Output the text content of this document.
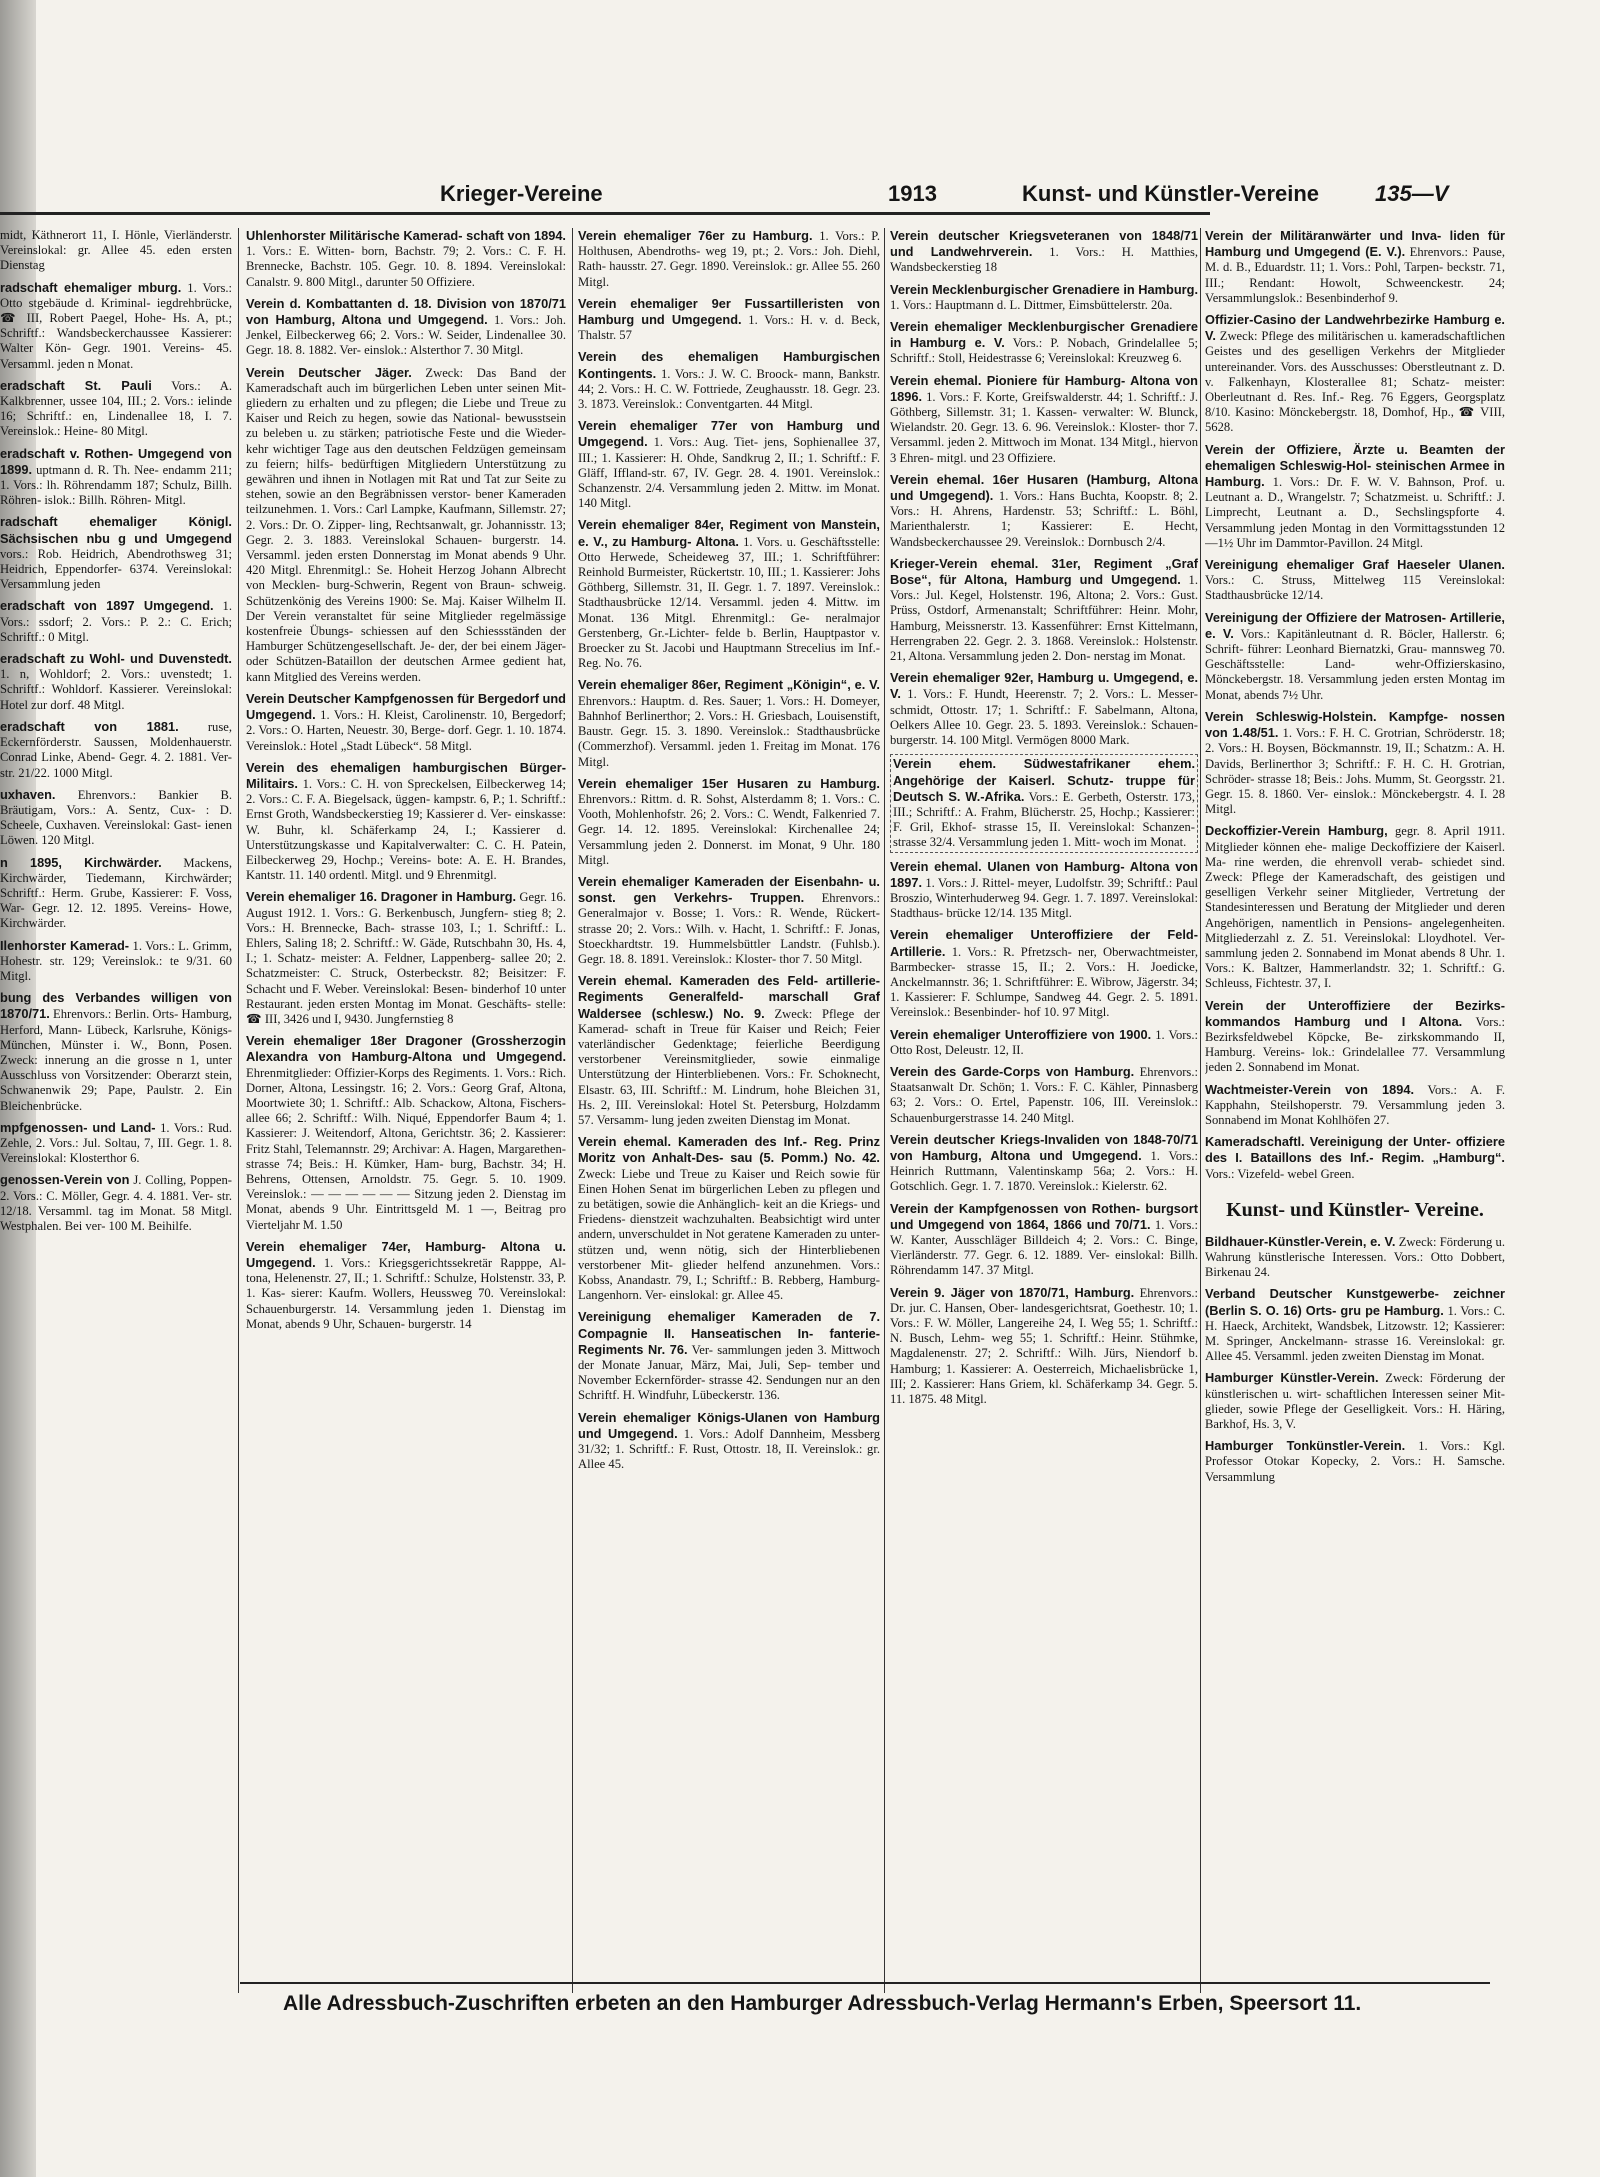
Krieger-Vereine	1913	Kunst- und Künstler-Vereine	135—V

midt, Käthnerort 11, I. Hönle, Vierländerstr. Vereinslokal: gr. Allee 45. eden ersten Dienstag

radschaft ehemaliger mburg. 1. Vors.: Otto stgebäude d. Kriminal- iegdrehbrücke, ☎ III, Robert Paegel, Hohe- Hs. A, pt.; Schriftf.: Wandsbeckerchaussee Kassierer: Walter Kön- Gegr. 1901. Vereins- 45. Versamml. jeden n Monat.

eradschaft St. Pauli Vors.: A. Kalkbrenner, ussee 104, III.; 2. Vors.: ielinde 16; Schriftf.: en, Lindenallee 18, I. 7. Vereinslok.: Heine- 80 Mitgl.

eradschaft v. Rothen- Umgegend von 1899. uptmann d. R. Th. Nee- endamm 211; 1. Vors.: lh. Röhrendamm 187; Schulz, Billh. Röhren- islok.: Billh. Röhren- Mitgl.

radschaft ehemaliger Königl. Sächsischen nbu g und Umgegend vors.: Rob. Heidrich, Abendrothsweg 31; Heidrich, Eppendorfer- 6374. Vereinslokal: Versammlung jeden

eradschaft von 1897 Umgegend. 1. Vors.: ssdorf; 2. Vors.: P. 2.: C. Erich; Schriftf.: 0 Mitgl.

eradschaft zu Wohl- und Duvenstedt. 1. n, Wohldorf; 2. Vors.: uvenstedt; 1. Schriftf.: Wohldorf. Kassierer. Vereinslokal: Hotel zur dorf. 48 Mitgl.

eradschaft von 1881. ruse, Eckernförderstr. Saussen, Moldenhauerstr. Conrad Linke, Abend- Gegr. 4. 2. 1881. Ver- str. 21/22. 1000 Mitgl.

uxhaven. Ehrenvors.: Bankier B. Bräutigam, Vors.: A. Sentz, Cux- : D. Scheele, Cuxhaven. Vereinslokal: Gast- ienen Löwen. 120 Mitgl.

n 1895, Kirchwärder. Mackens, Kirchwärder, Tiedemann, Kirchwärder; Schriftf.: Herm. Grube, Kassierer: F. Voss, War- Gegr. 12. 12. 1895. Vereins- Howe, Kirchwärder.

Ilenhorster Kamerad- 1. Vors.: L. Grimm, Hohestr. str. 129; Vereinslok.: te 9/31. 60 Mitgl.

bung des Verbandes willigen von 1870/71. Ehrenvors.: Berlin. Orts- Hamburg, Herford, Mann- Lübeck, Karlsruhe, Königs- München, Münster i. W., Bonn, Posen. Zweck: innerung an die grosse n 1, unter Ausschluss von Vorsitzender: Oberarzt stein, Schwanenwik 29; Pape, Paulstr. 2. Ein Bleichenbrücke.

mpfgenossen- und Land- 1. Vors.: Rud. Zehle, 2. Vors.: Jul. Soltau, 7, III. Gegr. 1. 8. Vereinslokal: Klosterthor 6.

genossen-Verein von J. Colling, Poppen- 2. Vors.: C. Möller, Gegr. 4. 4. 1881. Ver- str. 12/18. Versamml. tag im Monat. 58 Mitgl. Westphalen. Bei ver- 100 M. Beihilfe.

Uhlenhorster Militärische Kamerad- schaft von 1894. 1. Vors.: E. Witten- born, Bachstr. 79; 2. Vors.: C. F. H. Brennecke, Bachstr. 105. Gegr. 10. 8. 1894. Vereinslokal: Canalstr. 9. 800 Mitgl., darunter 50 Offiziere.

Verein d. Kombattanten d. 18. Division von 1870/71 von Hamburg, Altona und Umgegend. 1. Vors.: Joh. Jenkel, Eilbeckerweg 66; 2. Vors.: W. Seider, Lindenallee 30. Gegr. 18. 8. 1882. Ver- einslok.: Alsterthor 7. 30 Mitgl.

Verein Deutscher Jäger. Zweck: Das Band der Kameradschaft auch im bürgerlichen Leben unter seinen Mit- gliedern zu erhalten und zu pflegen; die Liebe und Treue zu Kaiser und Reich zu hegen, sowie das National- bewusstsein zu beleben u. zu stärken; patriotische Feste und die Wieder- kehr wichtiger Tage aus den deutschen Feldzügen gemeinsam zu feiern; hilfs- bedürftigen Mitgliedern Unterstützung zu gewähren und ihnen in Notlagen mit Rat und Tat zur Seite zu stehen, sowie an den Begräbnissen verstor- bener Kameraden teilzunehmen. 1. Vors.: Carl Lampke, Kaufmann, Sillemstr. 27; 2. Vors.: Dr. O. Zipper- ling, Rechtsanwalt, gr. Johannisstr. 13; Gegr. 2. 3. 1883. Vereinslokal Schauen- burgerstr. 14. Versamml. jeden ersten Donnerstag im Monat abends 9 Uhr. 420 Mitgl. Ehrenmitgl.: Se. Hoheit Herzog Johann Albrecht von Mecklen- burg-Schwerin, Regent von Braun- schweig. Schützenkönig des Vereins 1900: Se. Maj. Kaiser Wilhelm II. Der Verein veranstaltet für seine Mitglieder regelmässige kostenfreie Übungs- schiessen auf den Schiessständen der Hamburger Schützengesellschaft. Je- der, der bei einem Jäger- oder Schützen-Bataillon der deutschen Armee gedient hat, kann Mitglied des Vereins werden.

Verein Deutscher Kampfgenossen für Bergedorf und Umgegend. 1. Vors.: H. Kleist, Carolinenstr. 10, Bergedorf; 2. Vors.: O. Harten, Neuestr. 30, Berge- dorf. Gegr. 1. 10. 1874. Vereinslok.: Hotel „Stadt Lübeck“. 58 Mitgl.

Verein des ehemaligen hamburgischen Bürger-Militairs. 1. Vors.: C. H. von Spreckelsen, Eilbeckerweg 14; 2. Vors.: C. F. A. Biegelsack, üggen- kampstr. 6, P.; 1. Schriftf.: Ernst Groth, Wandsbeckerstieg 19; Kassierer d. Ver- einskasse: W. Buhr, kl. Schäferkamp 24, I.; Kassierer d. Unterstützungskasse und Kapitalverwalter: C. C. H. Patein, Eilbeckerweg 29, Hochp.; Vereins- bote: A. E. H. Brandes, Kantstr. 11. 140 ordentl. Mitgl. und 9 Ehrenmitgl.

Verein ehemaliger 16. Dragoner in Hamburg. Gegr. 16. August 1912. 1. Vors.: G. Berkenbusch, Jungfern- stieg 8; 2. Vors.: H. Brennecke, Bach- strasse 103, I.; 1. Schriftf.: L. Ehlers, Saling 18; 2. Schriftf.: W. Gäde, Rutschbahn 30, Hs. 4, I.; 1. Schatz- meister: A. Feldner, Lappenberg- sallee 20; 2. Schatzmeister: C. Struck, Osterbeckstr. 82; Beisitzer: F. Schacht und F. Weber. Vereinslokal: Besen- binderhof 10 unter Restaurant. jeden ersten Montag im Monat. Geschäfts- stelle: ☎ III, 3426 und I, 9430. Jungfernstieg 8

Verein ehemaliger 18er Dragoner (Grossherzogin Alexandra von Hamburg-Altona und Umgegend. Ehrenmitglieder: Offizier-Korps des Regiments. 1. Vors.: Rich. Dorner, Altona, Lessingstr. 16; 2. Vors.: Georg Graf, Altona, Moortwiete 30; 1. Schriftf.: Alb. Schackow, Altona, Fischers- allee 66; 2. Schriftf.: Wilh. Niqué, Eppendorfer Baum 4; 1. Kassierer: J. Weitendorf, Altona, Gerichtstr. 36; 2. Kassierer: Fritz Stahl, Telemannstr. 29; Archivar: A. Hagen, Margarethen- strasse 74; Beis.: H. Kümker, Ham- burg, Bachstr. 34; H. Behrens, Ottensen, Arnoldstr. 75. Gegr. 5. 10. 1909. Vereinslok.: — — — — — — Sitzung jeden 2. Dienstag im Monat, abends 9 Uhr. Eintrittsgeld M. 1 —, Beitrag pro Vierteljahr M. 1.50

Verein ehemaliger 74er, Hamburg- Altona u. Umgegend. 1. Vors.: Kriegsgerichtssekretär Rapppe, Al- tona, Helenenstr. 27, II.; 1. Schriftf.: Schulze, Holstenstr. 33, P. 1. Kas- sierer: Kaufm. Wollers, Heussweg 70. Vereinslokal: Schauenburgerstr. 14. Versammlung jeden 1. Dienstag im Monat, abends 9 Uhr, Schauen- burgerstr. 14

Verein ehemaliger 76er zu Hamburg. 1. Vors.: P. Holthusen, Abendroths- weg 19, pt.; 2. Vors.: Joh. Diehl, Rath- hausstr. 27. Gegr. 1890. Vereinslok.: gr. Allee 55. 260 Mitgl.

Verein ehemaliger 9er Fussartilleristen von Hamburg und Umgegend. 1. Vors.: H. v. d. Beck, Thalstr. 57

Verein des ehemaligen Hamburgischen Kontingents. 1. Vors.: J. W. C. Broock- mann, Bankstr. 44; 2. Vors.: H. C. W. Fottriede, Zeughausstr. 18. Gegr. 23. 3. 1873. Vereinslok.: Conventgarten. 44 Mitgl.

Verein ehemaliger 77er von Hamburg und Umgegend. 1. Vors.: Aug. Tiet- jens, Sophienallee 37, III.; 1. Kassierer: H. Ohde, Sandkrug 2, II.; 1. Schriftf.: F. Gläff, Iffland-str. 67, IV. Gegr. 28. 4. 1901. Vereinslok.: Schanzenstr. 2/4. Versammlung jeden 2. Mittw. im Monat. 140 Mitgl.

Verein ehemaliger 84er, Regiment von Manstein, e. V., zu Hamburg- Altona. 1. Vors. u. Geschäftsstelle: Otto Herwede, Scheideweg 37, III.; 1. Schriftführer: Reinhold Burmeister, Rückertstr. 10, III.; 1. Kassierer: Johs Göthberg, Sillemstr. 31, II. Gegr. 1. 7. 1897. Vereinslok.: Stadthausbrücke 12/14. Versamml. jeden 4. Mittw. im Monat. 136 Mitgl. Ehrenmitgl.: Ge- neralmajor Gerstenberg, Gr.-Lichter- felde b. Berlin, Hauptpastor v. Broecker zu St. Jacobi und Hauptmann Strecelius im Inf.-Reg. No. 76.

Verein ehemaliger 86er, Regiment „Königin“, e. V. Ehrenvors.: Hauptm. d. Res. Sauer; 1. Vors.: H. Domeyer, Bahnhof Berlinerthor; 2. Vors.: H. Griesbach, Louisenstift, Baustr. Gegr. 15. 3. 1890. Vereinslok.: Stadthausbrücke (Commerzhof). Versamml. jeden 1. Freitag im Monat. 176 Mitgl.

Verein ehemaliger 15er Husaren zu Hamburg. Ehrenvors.: Rittm. d. R. Sohst, Alsterdamm 8; 1. Vors.: C. Vooth, Mohlenhofstr. 26; 2. Vors.: C. Wendt, Falkenried 7. Gegr. 14. 12. 1895. Vereinslokal: Kirchenallee 24; Versammlung jeden 2. Donnerst. im Monat, 9 Uhr. 180 Mitgl.

Verein ehemaliger Kameraden der Eisenbahn- u. sonst. gen Verkehrs- Truppen. Ehrenvors.: Generalmajor v. Bosse; 1. Vors.: R. Wende, Rückert- strasse 20; 2. Vors.: Wilh. v. Hacht, 1. Schriftf.: F. Jonas, Stoeckhardtstr. 19. Hummelsbüttler Landstr. (Fuhlsb.). Gegr. 18. 8. 1891. Vereinslok.: Kloster- thor 7. 50 Mitgl.

Verein ehemal. Kameraden des Feld- artillerie-Regiments Generalfeld- marschall Graf Waldersee (schlesw.) No. 9. Zweck: Pflege der Kamerad- schaft in Treue für Kaiser und Reich; Feier vaterländischer Gedenktage; feierliche Beerdigung verstorbener Vereinsmitglieder, sowie einmalige Unterstützung der Hinterbliebenen. Vors.: Fr. Schoknecht, Elsastr. 63, III. Schriftf.: M. Lindrum, hohe Bleichen 31, Hs. 2, III. Vereinslokal: Hotel St. Petersburg, Holzdamm 57. Versamm- lung jeden zweiten Dienstag im Monat.

Verein ehemal. Kameraden des Inf.- Reg. Prinz Moritz von Anhalt-Des- sau (5. Pomm.) No. 42. Zweck: Liebe und Treue zu Kaiser und Reich sowie für Einen Hohen Senat im bürgerlichen Leben zu pflegen und zu betätigen, sowie die Anhänglich- keit an die Kriegs- und Friedens- dienstzeit wachzuhalten. Beabsichtigt wird unter andern, unverschuldet in Not geratene Kameraden zu unter- stützen und, wenn nötig, sich der Hinterbliebenen verstorbener Mit- glieder helfend anzunehmen. Vors.: Kobss, Anandastr. 79, I.; Schriftf.: B. Rebberg, Hamburg-Langenhorn. Ver- einslokal: gr. Allee 45.

Vereinigung ehemaliger Kameraden de 7. Compagnie II. Hanseatischen In- fanterie-Regiments Nr. 76. Ver- sammlungen jeden 3. Mittwoch der Monate Januar, März, Mai, Juli, Sep- tember und November Eckernförder- strasse 42. Sendungen nur an den Schriftf. H. Windfuhr, Lübeckerstr. 136.

Verein ehemaliger Königs-Ulanen von Hamburg und Umgegend. 1. Vors.: Adolf Dannheim, Messberg 31/32; 1. Schriftf.: F. Rust, Ottostr. 18, II. Vereinslok.: gr. Allee 45.

Verein deutscher Kriegsveteranen von 1848/71 und Landwehrverein. 1. Vors.: H. Matthies, Wandsbeckerstieg 18

Verein Mecklenburgischer Grenadiere in Hamburg. 1. Vors.: Hauptmann d. L. Dittmer, Eimsbüttelerstr. 20a.

Verein ehemaliger Mecklenburgischer Grenadiere in Hamburg e. V. Vors.: P. Nobach, Grindelallee 5; Schriftf.: Stoll, Heidestrasse 6; Vereinslokal: Kreuzweg 6.

Verein ehemal. Pioniere für Hamburg- Altona von 1896. 1. Vors.: F. Korte, Greifswalderstr. 44; 1. Schriftf.: J. Göthberg, Sillemstr. 31; 1. Kassen- verwalter: W. Blunck, Wielandstr. 20. Gegr. 13. 6. 96. Vereinslok.: Kloster- thor 7. Versamml. jeden 2. Mittwoch im Monat. 134 Mitgl., hiervon 3 Ehren- mitgl. und 23 Offiziere.

Verein ehemal. 16er Husaren (Hamburg, Altona und Umgegend). 1. Vors.: Hans Buchta, Koopstr. 8; 2. Vors.: H. Ahrens, Hardenstr. 53; Schriftf.: L. Böhl, Marienthalerstr. 1; Kassierer: E. Hecht, Wandsbeckerchaussee 29. Vereinslok.: Dornbusch 2/4.

Krieger-Verein ehemal. 31er, Regiment „Graf Bose“, für Altona, Hamburg und Umgegend. 1. Vors.: Jul. Kegel, Holstenstr. 196, Altona; 2. Vors.: Gust. Prüss, Ostdorf, Armenanstalt; Schriftführer: Heinr. Mohr, Hamburg, Meissnerstr. 13. Kassenführer: Ernst Kittelmann, Herrengraben 22. Gegr. 2. 3. 1868. Vereinslok.: Holstenstr. 21, Altona. Versammlung jeden 2. Don- nerstag im Monat.

Verein ehemaliger 92er, Hamburg u. Umgegend, e. V. 1. Vors.: F. Hundt, Heerenstr. 7; 2. Vors.: L. Messer- schmidt, Ottostr. 17; 1. Schriftf.: F. Sabelmann, Altona, Oelkers Allee 10. Gegr. 23. 5. 1893. Vereinslok.: Schauen- burgerstr. 14. 100 Mitgl. Vermögen 8000 Mark.

Verein ehem. Südwestafrikaner ehem. Angehörige der Kaiserl. Schutz- truppe für Deutsch S. W.-Afrika. Vors.: E. Gerbeth, Osterstr. 173, III.; Schriftf.: A. Frahm, Blücherstr. 25, Hochp.; Kassierer: F. Gril, Ekhof- strasse 15, II. Vereinslokal: Schanzen- strasse 32/4. Versammlung jeden 1. Mitt- woch im Monat.

Verein ehemal. Ulanen von Hamburg- Altona von 1897. 1. Vors.: J. Rittel- meyer, Ludolfstr. 39; Schriftf.: Paul Broszio, Winterhuderweg 94. Gegr. 1. 7. 1897. Vereinslokal: Stadthaus- brücke 12/14. 135 Mitgl.

Verein ehemaliger Unteroffiziere der Feld-Artillerie. 1. Vors.: R. Pfretzsch- ner, Oberwachtmeister, Barmbecker- strasse 15, II.; 2. Vors.: H. Joedicke, Anckelmannstr. 36; 1. Schriftführer: E. Wibrow, Jägerstr. 34; 1. Kassierer: F. Schlumpe, Sandweg 44. Gegr. 2. 5. 1891. Vereinslok.: Besenbinder- hof 10. 97 Mitgl.

Verein ehemaliger Unteroffiziere von 1900. 1. Vors.: Otto Rost, Deleustr. 12, II.

Verein des Garde-Corps von Hamburg. Ehrenvors.: Staatsanwalt Dr. Schön; 1. Vors.: F. C. Kähler, Pinnasberg 63; 2. Vors.: O. Ertel, Papenstr. 106, III. Vereinslok.: Schauenburgerstrasse 14. 240 Mitgl.

Verein deutscher Kriegs-Invaliden von 1848-70/71 von Hamburg, Altona und Umgegend. 1. Vors.: Heinrich Ruttmann, Valentinskamp 56a; 2. Vors.: H. Gotschlich. Gegr. 1. 7. 1870. Vereinslok.: Kielerstr. 62.

Verein der Kampfgenossen von Rothen- burgsort und Umgegend von 1864, 1866 und 70/71. 1. Vors.: W. Kanter, Ausschläger Billdeich 4; 2. Vors.: C. Binge, Vierländerstr. 77. Gegr. 6. 12. 1889. Ver- einslokal: Billh. Röhrendamm 147. 37 Mitgl.

Verein 9. Jäger von 1870/71, Hamburg. Ehrenvors.: Dr. jur. C. Hansen, Ober- landesgerichtsrat, Goethestr. 10; 1. Vors.: F. W. Möller, Langereihe 24, I. Weg 55; 1. Schriftf.: N. Busch, Lehm- weg 55; 1. Schriftf.: Heinr. Stühmke, Magdalenenstr. 27; 2. Schriftf.: Wilh. Jürs, Niendorf b. Hamburg; 1. Kassierer: A. Oesterreich, Michaelisbrücke 1, III; 2. Kassierer: Hans Griem, kl. Schäferkamp 34. Gegr. 5. 11. 1875. 48 Mitgl.

Verein der Militäranwärter und Inva- liden für Hamburg und Umgegend (E. V.). Ehrenvors.: Pause, M. d. B., Eduardstr. 11; 1. Vors.: Pohl, Tarpen- beckstr. 71, III.; Rendant: Howolt, Schweenckestr. 24; Versammlungslok.: Besenbinderhof 9.

Offizier-Casino der Landwehrbezirke Hamburg e. V. Zweck: Pflege des militärischen u. kameradschaftlichen Geistes und des geselligen Verkehrs der Mitglieder untereinander. Vors. des Ausschusses: Oberstleutnant z. D. v. Falkenhayn, Klosterallee 81; Schatz- meister: Oberleutnant d. Res. Inf.- Reg. 76 Eggers, Georgsplatz 8/10. Kasino: Mönckebergstr. 18, Domhof, Hp., ☎ VIII, 5628.

Verein der Offiziere, Ärzte u. Beamten der ehemaligen Schleswig-Hol- steinischen Armee in Hamburg. 1. Vors.: Dr. F. W. V. Bahnson, Prof. u. Leutnant a. D., Wrangelstr. 7; Schatzmeist. u. Schriftf.: J. Limprecht, Leutnant a. D., Sechslingspforte 4. Versammlung jeden Montag in den Vormittagsstunden 12—1½ Uhr im Dammtor-Pavillon. 24 Mitgl.

Vereinigung ehemaliger Graf Haeseler Ulanen. Vors.: C. Struss, Mittelweg 115 Vereinslokal: Stadthausbrücke 12/14.

Vereinigung der Offiziere der Matrosen- Artillerie, e. V. Vors.: Kapitänleutnant d. R. Böcler, Hallerstr. 6; Schrift- führer: Leonhard Biernatzki, Grau- mannsweg 70. Geschäftsstelle: Land- wehr-Offizierskasino, Mönckebergstr. 18. Versammlung jeden ersten Montag im Monat, abends 7½ Uhr.

Verein Schleswig-Holstein. Kampfge- nossen von 1.48/51. 1. Vors.: F. H. C. Grotrian, Schröderstr. 18; 2. Vors.: H. Boysen, Böckmannstr. 19, II.; Schatzm.: A. H. Davids, Berlinerthor 3; Schriftf.: F. H. C. H. Grotrian, Schröder- strasse 18; Beis.: Johs. Mumm, St. Georgsstr. 21. Gegr. 15. 8. 1860. Ver- einslok.: Mönckebergstr. 4. I. 28 Mitgl.

Deckoffizier-Verein Hamburg, gegr. 8. April 1911. Mitglieder können ehe- malige Deckoffiziere der Kaiserl. Ma- rine werden, die ehrenvoll verab- schiedet sind. Zweck: Pflege der Kameradschaft, des geistigen und geselligen Verkehr seiner Mitglieder, Vertretung der Standesinteressen und Beratung der Mitglieder und deren Angehörigen, namentlich in Pensions- angelegenheiten. Mitgliederzahl z. Z. 51. Vereinslokal: Lloydhotel. Ver- sammlung jeden 2. Sonnabend im Monat abends 8 Uhr. 1. Vors.: K. Baltzer, Hammerlandstr. 32; 1. Schriftf.: G. Schleuss, Fichtestr. 37, I.

Verein der Unteroffiziere der Bezirks- kommandos Hamburg und I Altona. Vors.: Bezirksfeldwebel Köpcke, Be- zirkskommando II, Hamburg. Vereins- lok.: Grindelallee 77. Versammlung jeden 2. Sonnabend im Monat.

Wachtmeister-Verein von 1894. Vors.: A. F. Kapphahn, Steilshoperstr. 79. Versammlung jeden 3. Sonnabend im Monat Kohlhöfen 27.

Kameradschaftl. Vereinigung der Unter- offiziere des I. Bataillons des Inf.- Regim. „Hamburg“. Vors.: Vizefeld- webel Green.

Kunst- und Künstler- Vereine.

Bildhauer-Künstler-Verein, e. V. Zweck: Förderung u. Wahrung künstlerische Interessen. Vors.: Otto Dobbert, Birkenau 24.

Verband Deutscher Kunstgewerbe- zeichner (Berlin S. O. 16) Orts- gru pe Hamburg. 1. Vors.: C. H. Haeck, Architekt, Wandsbek, Litzowstr. 12; Kassierer: M. Springer, Anckelmann- strasse 16. Vereinslokal: gr. Allee 45. Versamml. jeden zweiten Dienstag im Monat.

Hamburger Künstler-Verein. Zweck: Förderung der künstlerischen u. wirt- schaftlichen Interessen seiner Mit- glieder, sowie Pflege der Geselligkeit. Vors.: H. Häring, Barkhof, Hs. 3, V.

Hamburger Tonkünstler-Verein. 1. Vors.: Kgl. Professor Otokar Kopecky, 2. Vors.: H. Samsche. Versammlung

Alle Adressbuch-Zuschriften erbeten an den Hamburger Adressbuch-Verlag Hermann's Erben, Speersort 11.
